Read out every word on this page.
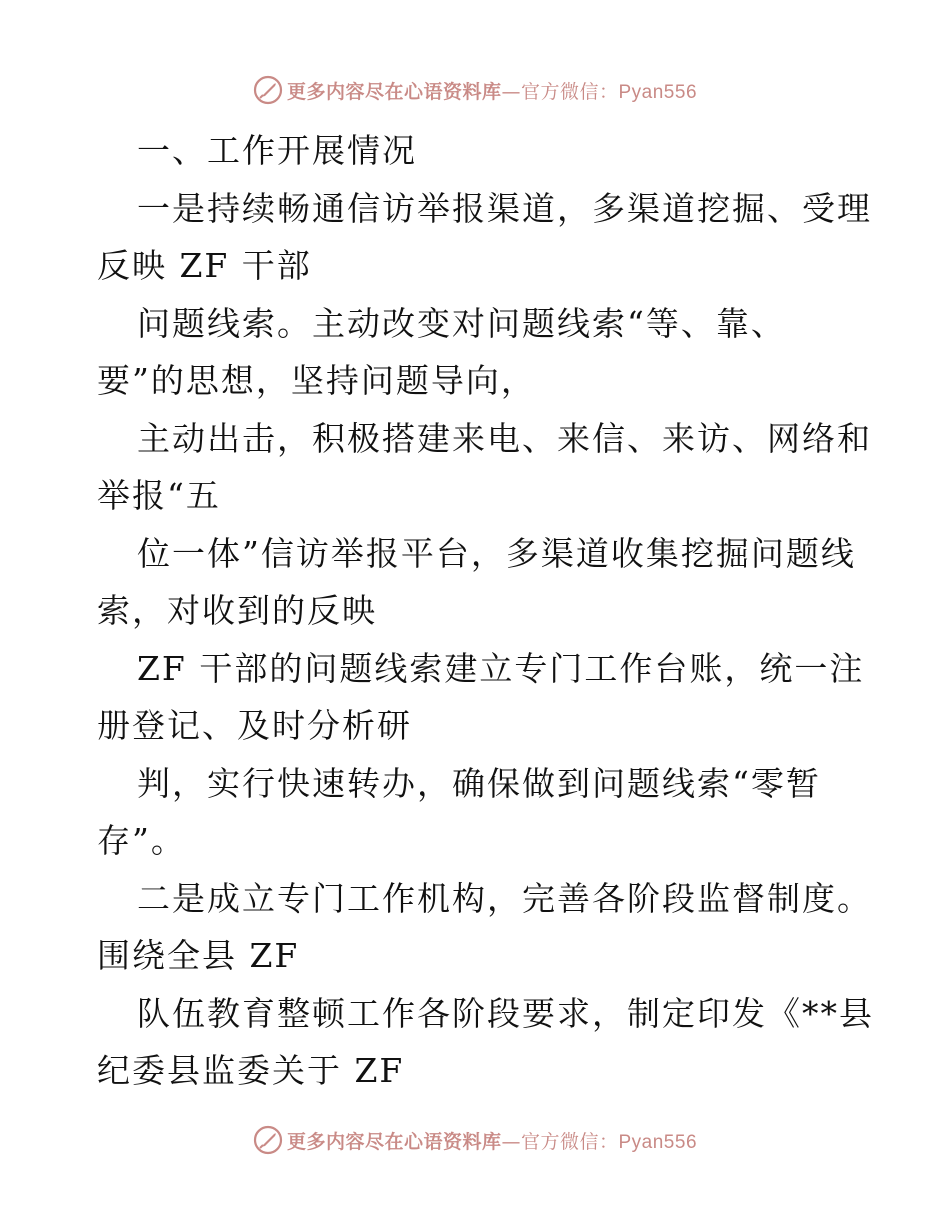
更多内容尽在心语资料库—官方微信：Pyan556
一、工作开展情况
一是持续畅通信访举报渠道，多渠道挖掘、受理
反映 ZF 干部
问题线索。主动改变对问题线索“等、靠、
要”的思想，坚持问题导向，
主动出击，积极搭建来电、来信、来访、网络和
举报“五
位一体”信访举报平台，多渠道收集挖掘问题线
索，对收到的反映
ZF 干部的问题线索建立专门工作台账，统一注
册登记、及时分析研
判，实行快速转办，确保做到问题线索“零暂
存”。
二是成立专门工作机构，完善各阶段监督制度。
围绕全县 ZF
队伍教育整顿工作各阶段要求，制定印发《**县
纪委县监委关于 ZF
更多内容尽在心语资料库—官方微信：Pyan556
